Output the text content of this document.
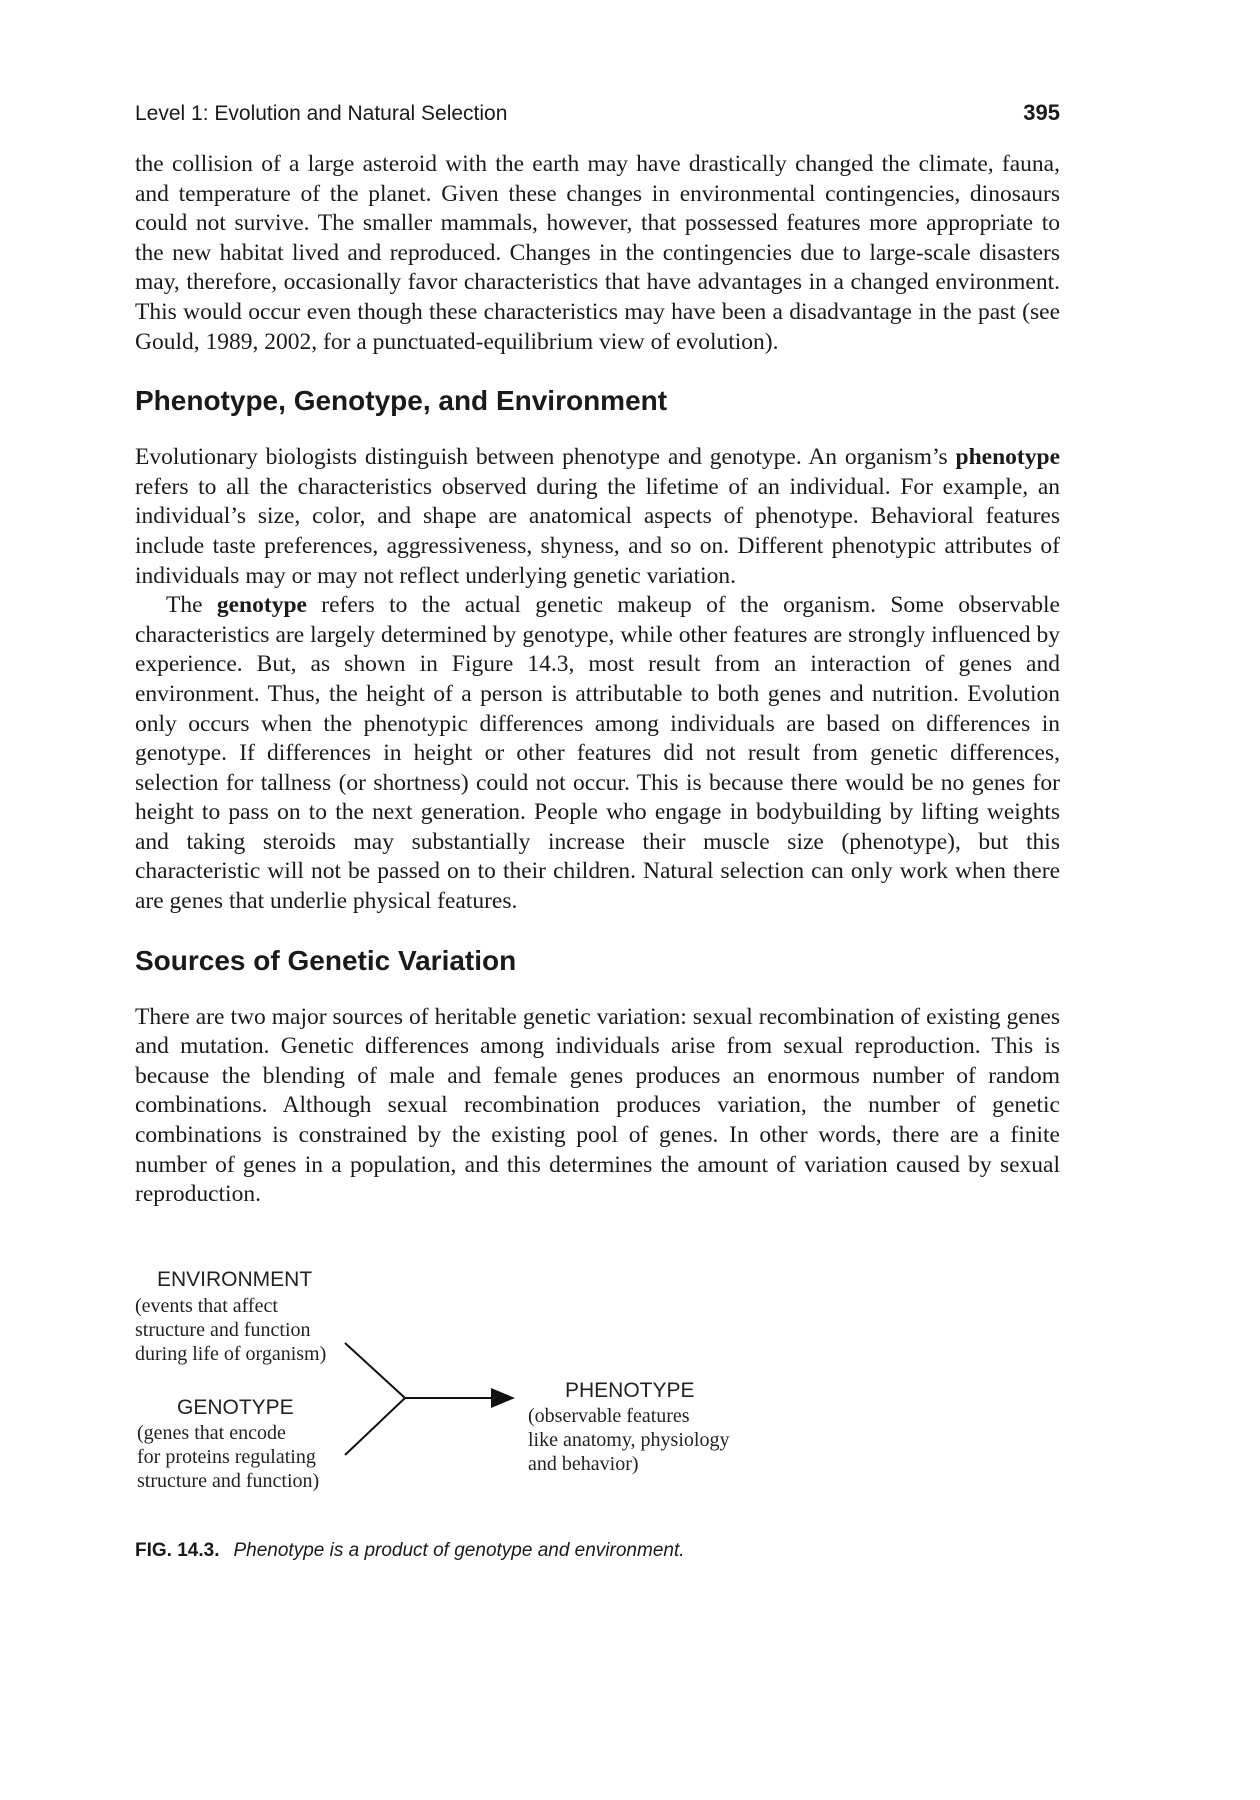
Level 1: Evolution and Natural Selection	395

the collision of a large asteroid with the earth may have drastically changed the climate, fauna, and temperature of the planet. Given these changes in environmental contingencies, dinosaurs could not survive. The smaller mammals, however, that possessed features more appropriate to the new habitat lived and reproduced. Changes in the contingencies due to large-scale disasters may, therefore, occasionally favor characteristics that have advantages in a changed environment. This would occur even though these characteristics may have been a disadvantage in the past (see Gould, 1989, 2002, for a punctuated-equilibrium view of evolution).

Phenotype, Genotype, and Environment

Evolutionary biologists distinguish between phenotype and genotype. An organism’s phenotype refers to all the characteristics observed during the lifetime of an individual. For example, an individual’s size, color, and shape are anatomical aspects of phenotype. Behavioral features include taste preferences, aggressiveness, shyness, and so on. Different phenotypic attributes of individuals may or may not reflect underlying genetic variation.

The genotype refers to the actual genetic makeup of the organism. Some observable characteristics are largely determined by genotype, while other features are strongly influenced by experience. But, as shown in Figure 14.3, most result from an interaction of genes and environment. Thus, the height of a person is attributable to both genes and nutrition. Evolution only occurs when the phenotypic differences among individuals are based on differences in genotype. If differences in height or other features did not result from genetic differences, selection for tallness (or shortness) could not occur. This is because there would be no genes for height to pass on to the next generation. People who engage in bodybuilding by lifting weights and taking steroids may substantially increase their muscle size (phenotype), but this characteristic will not be passed on to their children. Natural selection can only work when there are genes that underlie physical features.

Sources of Genetic Variation

There are two major sources of heritable genetic variation: sexual recombination of existing genes and mutation. Genetic differences among individuals arise from sexual reproduction. This is because the blending of male and female genes produces an enormous number of random combinations. Although sexual recombination produces variation, the number of genetic combinations is constrained by the existing pool of genes. In other words, there are a finite number of genes in a population, and this determines the amount of variation caused by sexual reproduction.

ENVIRONMENT
(events that affect
structure and function
during life of organism)
GENOTYPE
(genes that encode
for proteins regulating
structure and function)
PHENOTYPE
(observable features
like anatomy, physiology
and behavior)
FIG. 14.3. Phenotype is a product of genotype and environment.
